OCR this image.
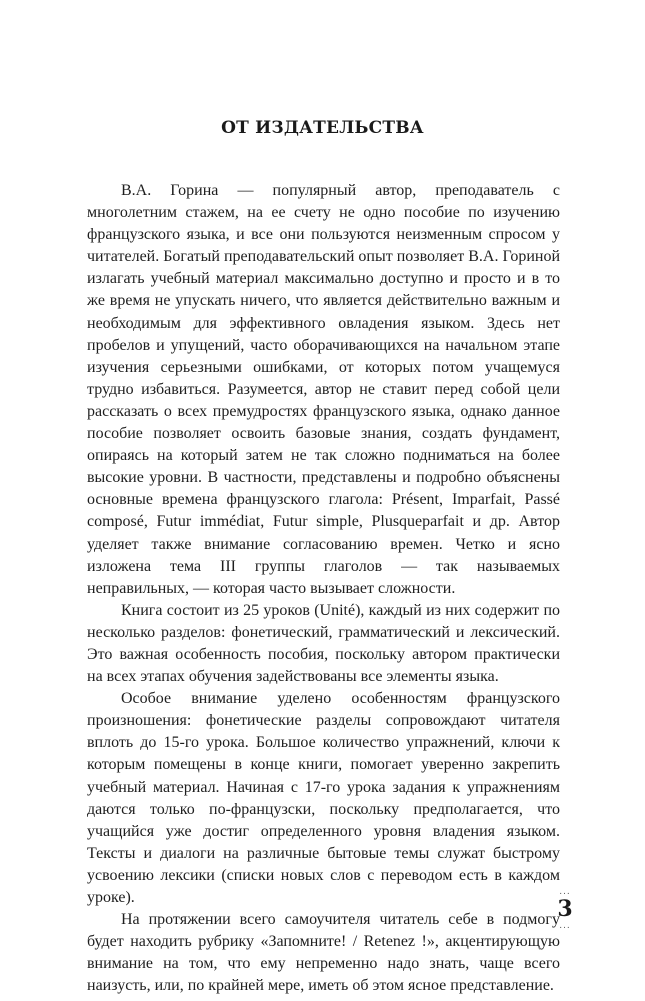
ОТ ИЗДАТЕЛЬСТВА

В.А. Горина — популярный автор, преподаватель с многолетним стажем, на ее счету не одно пособие по изучению французского языка, и все они пользуются неизменным спросом у читателей. Богатый преподавательский опыт позволяет В.А. Гориной излагать учебный материал максимально доступно и просто и в то же время не упускать ничего, что является действительно важным и необходимым для эффективного овладения языком. Здесь нет пробелов и упущений, часто оборачивающихся на начальном этапе изучения серьезными ошибками, от которых потом учащемуся трудно избавиться. Разумеется, автор не ставит перед собой цели рассказать о всех премудростях французского языка, однако данное пособие позволяет освоить базовые знания, создать фундамент, опираясь на который затем не так сложно подниматься на более высокие уровни. В частности, представлены и подробно объяснены основные времена французского глагола: Présent, Imparfait, Passé composé, Futur immédiat, Futur simple, Plusqueparfait и др. Автор уделяет также внимание согласованию времен. Четко и ясно изложена тема III группы глаголов — так называемых неправильных, — которая часто вызывает сложности.

Книга состоит из 25 уроков (Unité), каждый из них содержит по несколько разделов: фонетический, грамматический и лексический. Это важная особенность пособия, поскольку автором практически на всех этапах обучения задействованы все элементы языка.

Особое внимание уделено особенностям французского произношения: фонетические разделы сопровождают читателя вплоть до 15-го урока. Большое количество упражнений, ключи к которым помещены в конце книги, помогает уверенно закрепить учебный материал. Начиная с 17-го урока задания к упражнениям даются только по-французски, поскольку предполагается, что учащийся уже достиг определенного уровня владения языком. Тексты и диалоги на различные бытовые темы служат быстрому усвоению лексики (списки новых слов с переводом есть в каждом уроке).

На протяжении всего самоучителя читатель себе в подмогу будет находить рубрику «Запомните! / Retenez !», акцентирующую внимание на том, что ему непременно надо знать, чаще всего наизусть, или, по крайней мере, иметь об этом ясное представление.

...
3
...
